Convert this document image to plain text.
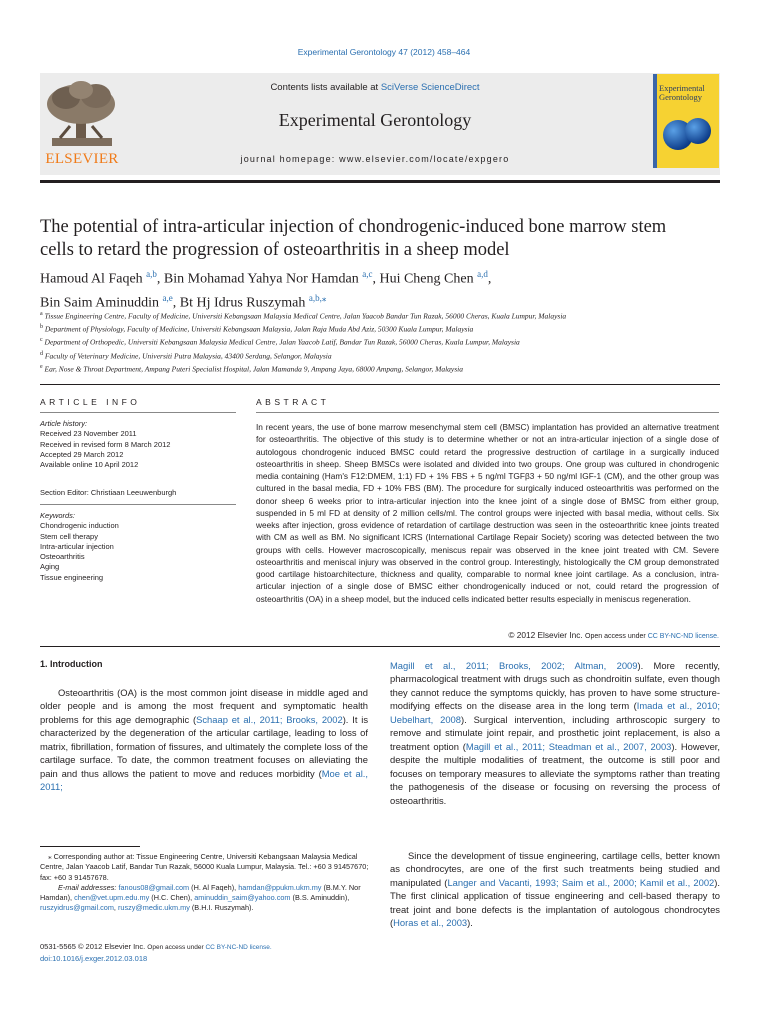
Experimental Gerontology 47 (2012) 458–464
ELSEVIER
Contents lists available at SciVerse ScienceDirect
Experimental Gerontology
journal homepage: www.elsevier.com/locate/expgero
Experimental
Gerontology
The potential of intra-articular injection of chondrogenic-induced bone marrow stem
cells to retard the progression of osteoarthritis in a sheep model
Hamoud Al Faqeh $^{a,b}$, Bin Mohamad Yahya Nor Hamdan $^{a,c}$, Hui Cheng Chen $^{a,d}$,
Bin Saim Aminuddin $^{a,e}$, Bt Hj Idrus Ruszymah $^{a,b,⁎}$
$^a$ Tissue Engineering Centre, Faculty of Medicine, Universiti Kebangsaan Malaysia Medical Centre, Jalan Yaacob Bandar Tun Razak, 56000 Cheras, Kuala Lumpur, Malaysia
$^b$ Department of Physiology, Faculty of Medicine, Universiti Kebangsaan Malaysia, Jalan Raja Muda Abd Aziz, 50300 Kuala Lumpur, Malaysia
$^c$ Department of Orthopedic, Universiti Kebangsaan Malaysia Medical Centre, Jalan Yaacob Latif, Bandar Tun Razak, 56000 Cheras, Kuala Lumpur, Malaysia
$^d$ Faculty of Veterinary Medicine, Universiti Putra Malaysia, 43400 Serdang, Selangor, Malaysia
$^e$ Ear, Nose & Throat Department, Ampang Puteri Specialist Hospital, Jalan Mamanda 9, Ampang Jaya, 68000 Ampang, Selangor, Malaysia
ARTICLE INFO
Article history:
Received 23 November 2011
Received in revised form 8 March 2012
Accepted 29 March 2012
Available online 10 April 2012
Section Editor: Christiaan Leeuwenburgh
Keywords:
Chondrogenic induction
Stem cell therapy
Intra-articular injection
Osteoarthritis
Aging
Tissue engineering
ABSTRACT
In recent years, the use of bone marrow mesenchymal stem cell (BMSC) implantation has provided an alternative treatment for osteoarthritis. The objective of this study is to determine whether or not an intra-articular injection of a single dose of autologous chondrogenic induced BMSC could retard the progressive destruction of cartilage in a surgically induced osteoarthritis in sheep. Sheep BMSCs were isolated and divided into two groups. One group was cultured in chondrogenic media containing (Ham's F12:DMEM, 1:1) FD + 1% FBS + 5 ng/ml TGFβ3 + 50 ng/ml IGF-1 (CM), and the other group was cultured in the basal media, FD + 10% FBS (BM). The procedure for surgically induced osteoarthritis was performed on the donor sheep 6 weeks prior to intra-articular injection into the knee joint of a single dose of BMSC from either group, suspended in 5 ml FD at density of 2 million cells/ml. The control groups were injected with basal media, without cells. Six weeks after injection, gross evidence of retardation of cartilage destruction was seen in the osteoarthritic knee joints treated with CM as well as BM. No significant ICRS (International Cartilage Repair Society) scoring was detected between the two groups with cells. However macroscopically, meniscus repair was observed in the knee joint treated with CM. Severe osteoarthritis and meniscal injury was observed in the control group. Interestingly, histologically the CM group demonstrated good cartilage histoarchitecture, thickness and quality, comparable to normal knee joint cartilage. As a conclusion, intra-articular injection of a single dose of BMSC either chondrogenically induced or not, could retard the progression of osteoarthritis (OA) in a sheep model, but the induced cells indicated better results especially in meniscus regeneration.
© 2012 Elsevier Inc. Open access under CC BY-NC-ND license.
1. Introduction
Osteoarthritis (OA) is the most common joint disease in middle aged and older people and is among the most frequent and symptomatic health problems for this age demographic (Schaap et al., 2011; Brooks, 2002). It is characterized by the degeneration of the articular cartilage, leading to loss of matrix, fibrillation, formation of fissures, and ultimately the complete loss of the cartilage surface. To date, the common treatment focuses on alleviating the pain and thus allows the patient to move and reduces morbidity (Moe et al., 2011;
⁎ Corresponding author at: Tissue Engineering Centre, Universiti Kebangsaan Malaysia Medical Centre, Jalan Yaacob Latif, Bandar Tun Razak, 56000 Kuala Lumpur, Malaysia. Tel.: +60 3 91457670; fax: +60 3 91457678.
E-mail addresses: fanous08@gmail.com (H. Al Faqeh), hamdan@ppukm.ukm.my (B.M.Y. Nor Hamdan), chen@vet.upm.edu.my (H.C. Chen), aminuddin_saim@yahoo.com (B.S. Aminuddin), ruszyidrus@gmail.com, ruszy@medic.ukm.my (B.H.I. Ruszymah).
0531-5565 © 2012 Elsevier Inc. Open access under CC BY-NC-ND license.
doi:10.1016/j.exger.2012.03.018
Magill et al., 2011; Brooks, 2002; Altman, 2009). More recently, pharmacological treatment with drugs such as chondroitin sulfate, even though they cannot reduce the symptoms quickly, has proven to have some structure-modifying effects on the disease area in the long term (Imada et al., 2010; Uebelhart, 2008). Surgical intervention, including arthroscopic surgery to remove and stimulate joint repair, and prosthetic joint replacement, is also a treatment option (Magill et al., 2011; Steadman et al., 2007, 2003). However, despite the multiple modalities of treatment, the outcome is still poor and focuses on temporary measures to alleviate the symptoms rather than treating the pathogenesis of the disease or focusing on reversing the process of osteoarthritis.
Since the development of tissue engineering, cartilage cells, better known as chondrocytes, are one of the first such treatments being studied and manipulated (Langer and Vacanti, 1993; Saim et al., 2000; Kamil et al., 2002). The first clinical application of tissue engineering and cell-based therapy to treat joint and bone defects is the implantation of autologous chondrocytes (Horas et al., 2003).
